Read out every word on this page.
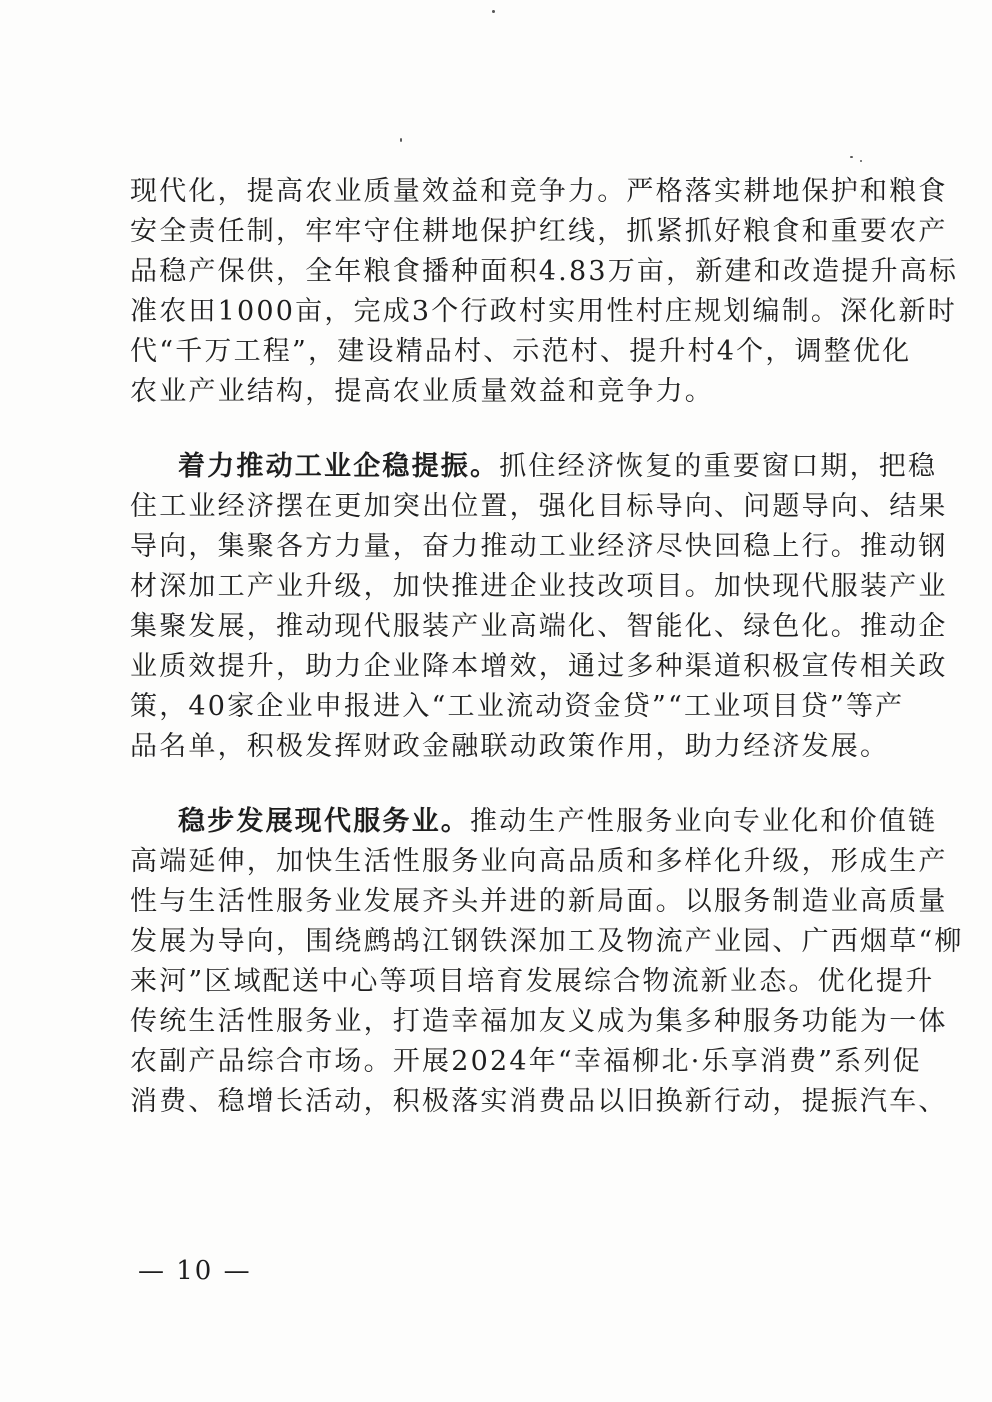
现代化，提高农业质量效益和竞争力。严格落实耕地保护和粮食
安全责任制，牢牢守住耕地保护红线，抓紧抓好粮食和重要农产
品稳产保供，全年粮食播种面积4.83万亩，新建和改造提升高标
准农田1000亩，完成3个行政村实用性村庄规划编制。深化新时
代“千万工程”，建设精品村、示范村、提升村4个，调整优化
农业产业结构，提高农业质量效益和竞争力。
着力推动工业企稳提振。抓住经济恢复的重要窗口期，把稳
住工业经济摆在更加突出位置，强化目标导向、问题导向、结果
导向，集聚各方力量，奋力推动工业经济尽快回稳上行。推动钢
材深加工产业升级，加快推进企业技改项目。加快现代服装产业
集聚发展，推动现代服装产业高端化、智能化、绿色化。推动企
业质效提升，助力企业降本增效，通过多种渠道积极宣传相关政
策，40家企业申报进入“工业流动资金贷”“工业项目贷”等产
品名单，积极发挥财政金融联动政策作用，助力经济发展。
稳步发展现代服务业。推动生产性服务业向专业化和价值链
高端延伸，加快生活性服务业向高品质和多样化升级，形成生产
性与生活性服务业发展齐头并进的新局面。以服务制造业高质量
发展为导向，围绕鹧鸪江钢铁深加工及物流产业园、广西烟草“柳
来河”区域配送中心等项目培育发展综合物流新业态。优化提升
传统生活性服务业，打造幸福加友义成为集多种服务功能为一体
农副产品综合市场。开展2024年“幸福柳北·乐享消费”系列促
消费、稳增长活动，积极落实消费品以旧换新行动，提振汽车、
— 10 —
